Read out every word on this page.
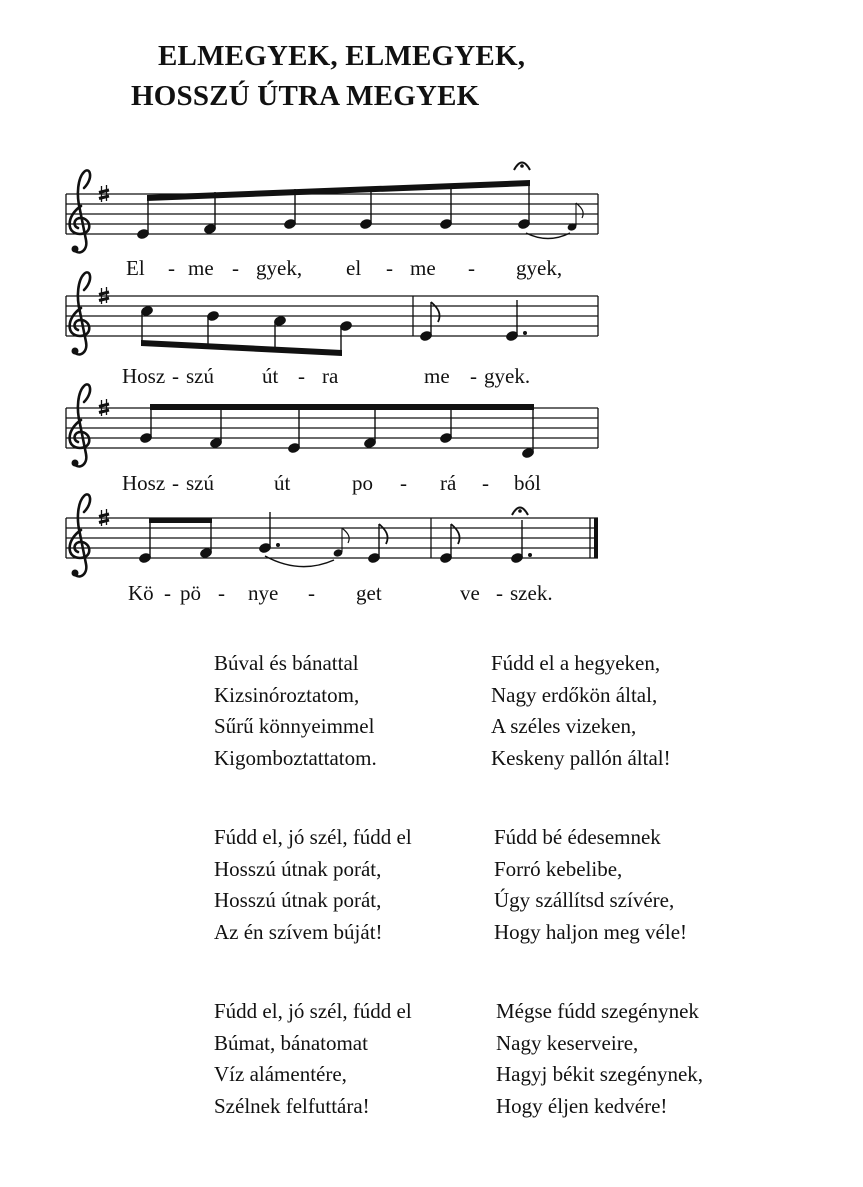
ELMEGYEK, ELMEGYEK,
HOSSZÚ ÚTRA MEGYEK
El - me - gyek, el - me - gyek,
Hosz - szú út - ra	me - gyek.
Hosz - szú	út	po - rá - ból
Kö - pö - nye - get	ve - szek.
Búval és bánattal
Kizsinóroztatom,
Sűrű könnyeimmel
Kigomboztattatom.
Fúdd el a hegyeken,
Nagy erdőkön által,
A széles vizeken,
Keskeny pallón által!
Fúdd el, jó szél, fúdd el
Hosszú útnak porát,
Hosszú útnak porát,
Az én szívem búját!
Fúdd bé édesemnek
Forró kebelibe,
Úgy szállítsd szívére,
Hogy haljon meg véle!
Fúdd el, jó szél, fúdd el
Búmat, bánatomat
Víz alámentére,
Szélnek felfuttára!
Mégse fúdd szegénynek
Nagy keserveire,
Hagyj békit szegénynek,
Hogy éljen kedvére!
